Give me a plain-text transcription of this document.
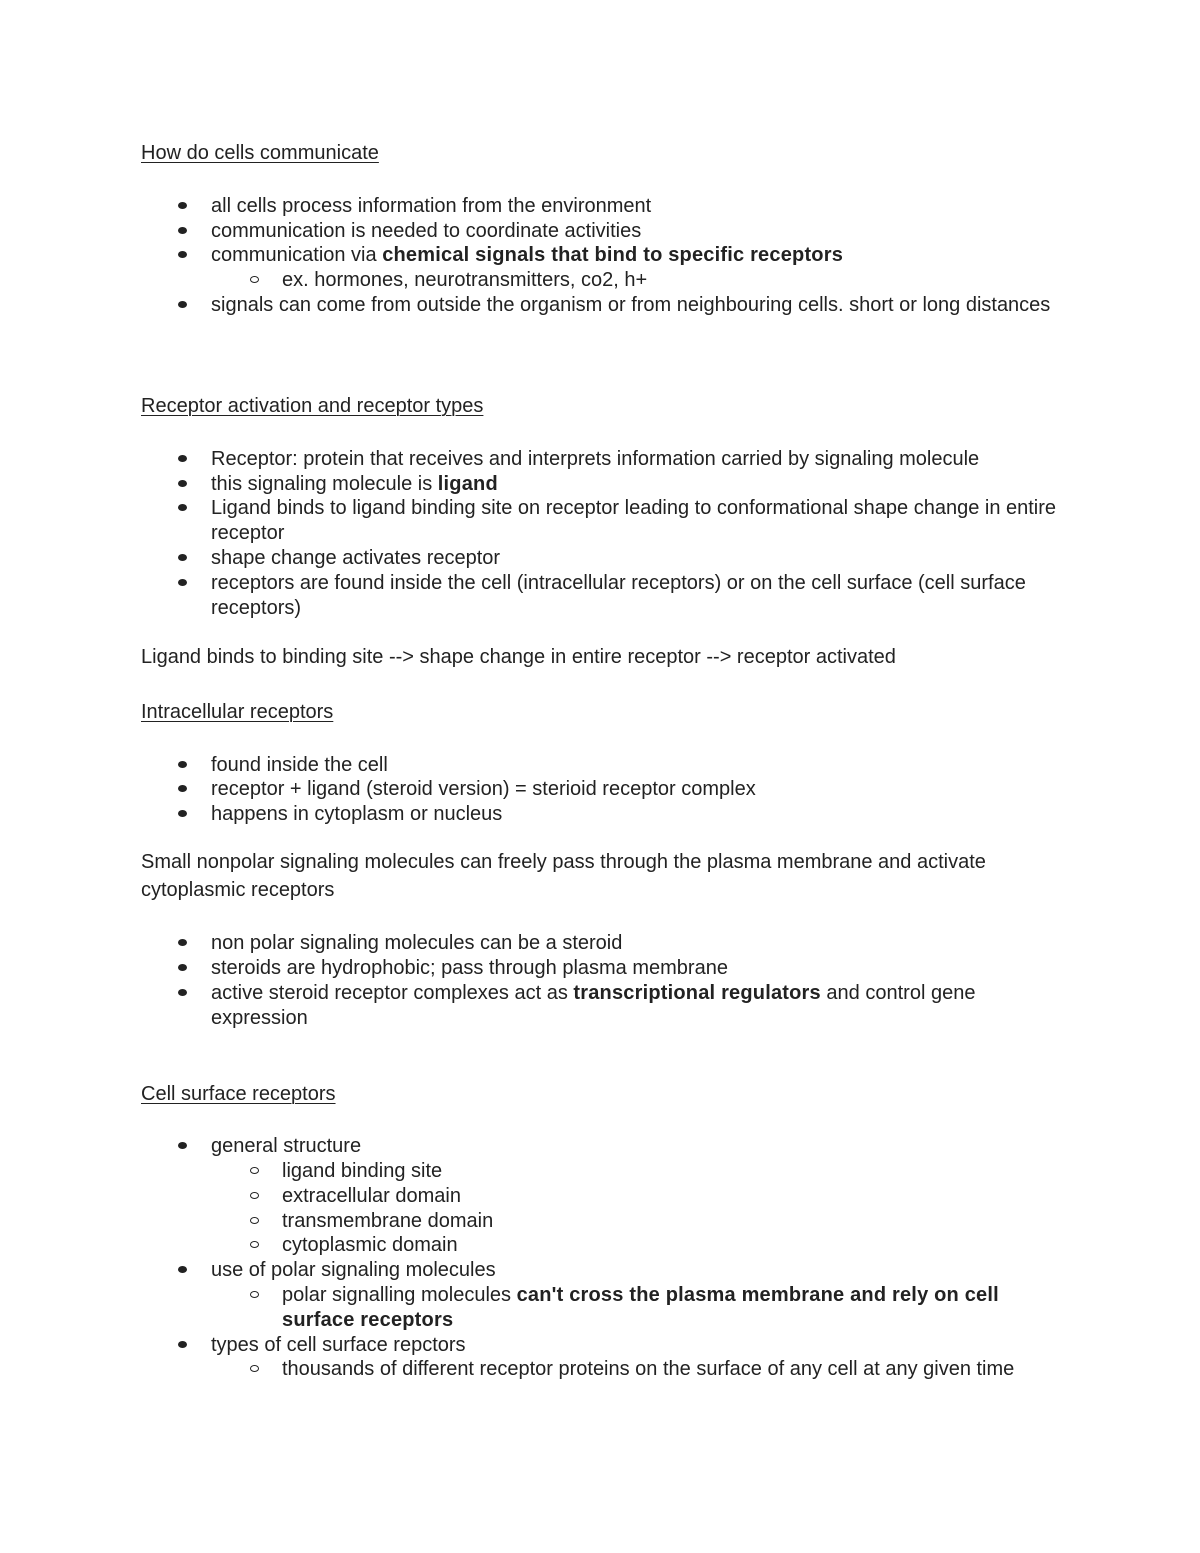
How do cells communicate
all cells process information from the environment
communication is needed to coordinate activities
communication via chemical signals that bind to specific receptors
ex. hormones, neurotransmitters, co2, h+
signals can come from outside the organism or from neighbouring cells. short or long distances
Receptor activation and receptor types
Receptor: protein that receives and interprets information carried by signaling molecule
this signaling molecule is ligand
Ligand binds to ligand binding site on receptor leading to conformational shape change in entire receptor
shape change activates receptor
receptors are found inside the cell (intracellular receptors) or on the cell surface (cell surface receptors)
Ligand binds to binding site --> shape change in entire receptor --> receptor activated
Intracellular receptors
found inside the cell
receptor + ligand (steroid version) = sterioid receptor complex
happens in cytoplasm or nucleus
Small nonpolar signaling molecules can freely pass through the plasma membrane and activate cytoplasmic receptors
non polar signaling molecules can be a steroid
steroids are hydrophobic; pass through plasma membrane
active steroid receptor complexes act as transcriptional regulators and control gene expression
Cell surface receptors
general structure
ligand binding site
extracellular domain
transmembrane domain
cytoplasmic domain
use of polar signaling molecules
polar signalling molecules can't cross the plasma membrane and rely on cell surface receptors
types of cell surface repctors
thousands of different receptor proteins on the surface of any cell at any given time
